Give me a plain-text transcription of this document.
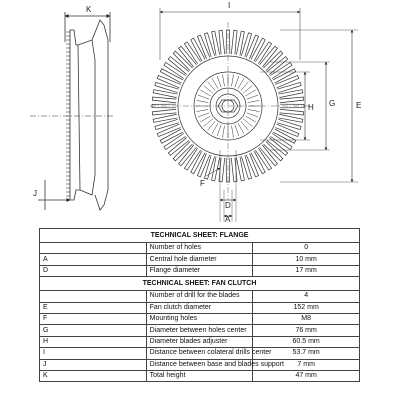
K
J
I
H G	E
F
D
A
TECHNICAL SHEET: FLANGE		
	Number of holes	0
A	Central hole diameter	10 mm
D	Flange diameter	17 mm
TECHNICAL SHEET: FAN CLUTCH		
	Number of drill for the blades	4
E	Fan clutch diameter	152 mm
F	Mounting holes	M8
G	Diameter between holes center	76 mm
H	Diameter blades adjuster	60.5 mm
I	Distance between colateral drills center	53.7 mm
J	Distance between base and blades support	7 mm
K	Total height	47 mm
